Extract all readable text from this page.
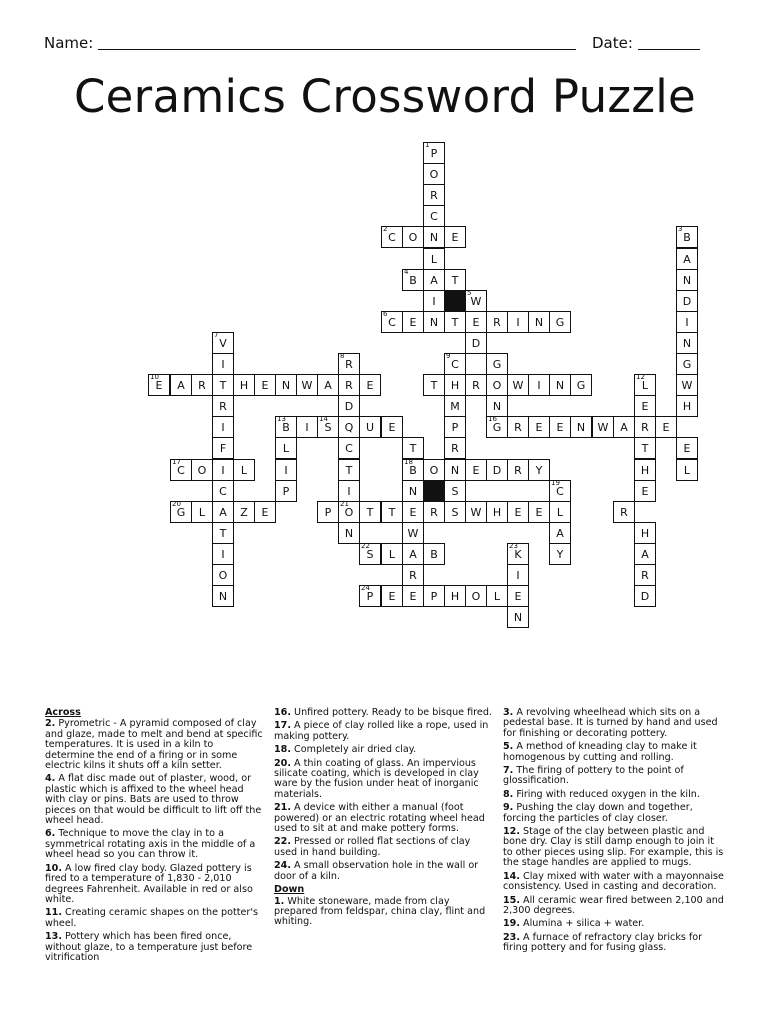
Name:	Date:
Ceramics Crossword Puzzle
P
1
O
R
C
C
2
O	N	E	B
3
L	A
B
4
A	T	N
I	W
5
D
C
6
E	N	T	E	R	I	N	G	I
V
7
D	N
I	R
8
C
9
G	G
E
10
A	R	T	H	E	N	W	A	R	E	T	H	R	O	W	I	N	G	L
12
W
R	D	M	N	E	H
I	B
13
I	S
14
Q	U	E	P	G
16
R	E	E	N	W	A	R	E
F	L	C	T	R	T	E
C
17
O	I	L	I	T	B
18
O	N	E	D	R	Y	H	L
C	P	I	N	S	C
19
E
G
20
L	A	Z	E	P	O
21
T	T	E	R	S	W	H	E	E	L	R
T	N	W	A	H
I	S
22
L	A	B	K
23
Y	A
O	R	I	R
N	P
24
E	E	P	H	O	L	E	D
N
Across
2. Pyrometric - A pyramid composed of clay and glaze, made to melt and bend at specific temperatures. It is used in a kiln to determine the end of a firing or in some electric kilns it shuts off a kiln setter.
4. A flat disc made out of plaster, wood, or plastic which is affixed to the wheel head with clay or pins. Bats are used to throw pieces on that would be difficult to lift off the wheel head.
6. Technique to move the clay in to a symmetrical rotating axis in the middle of a wheel head so you can throw it.
10. A low fired clay body. Glazed pottery is fired to a temperature of 1,830 - 2,010 degrees Fahrenheit. Available in red or also white.
11. Creating ceramic shapes on the potter's wheel.
13. Pottery which has been fired once, without glaze, to a temperature just before vitrification
16. Unfired pottery. Ready to be bisque fired.
17. A piece of clay rolled like a rope, used in making pottery.
18. Completely air dried clay.
20. A thin coating of glass. An impervious silicate coating, which is developed in clay ware by the fusion under heat of inorganic materials.
21. A device with either a manual (foot powered) or an electric rotating wheel head used to sit at and make pottery forms.
22. Pressed or rolled flat sections of clay used in hand building.
24. A small observation hole in the wall or door of a kiln.
Down
1. White stoneware, made from clay prepared from feldspar, china clay, flint and whiting.
3. A revolving wheelhead which sits on a pedestal base. It is turned by hand and used for finishing or decorating pottery.
5. A method of kneading clay to make it homogenous by cutting and rolling.
7. The firing of pottery to the point of glossification.
8. Firing with reduced oxygen in the kiln.
9. Pushing the clay down and together, forcing the particles of clay closer.
12. Stage of the clay between plastic and bone dry. Clay is still damp enough to join it to other pieces using slip. For example, this is the stage handles are applied to mugs.
14. Clay mixed with water with a mayonnaise consistency. Used in casting and decoration.
15. All ceramic wear fired between 2,100 and 2,300 degrees.
19. Alumina + silica + water.
23. A furnace of refractory clay bricks for firing pottery and for fusing glass.
